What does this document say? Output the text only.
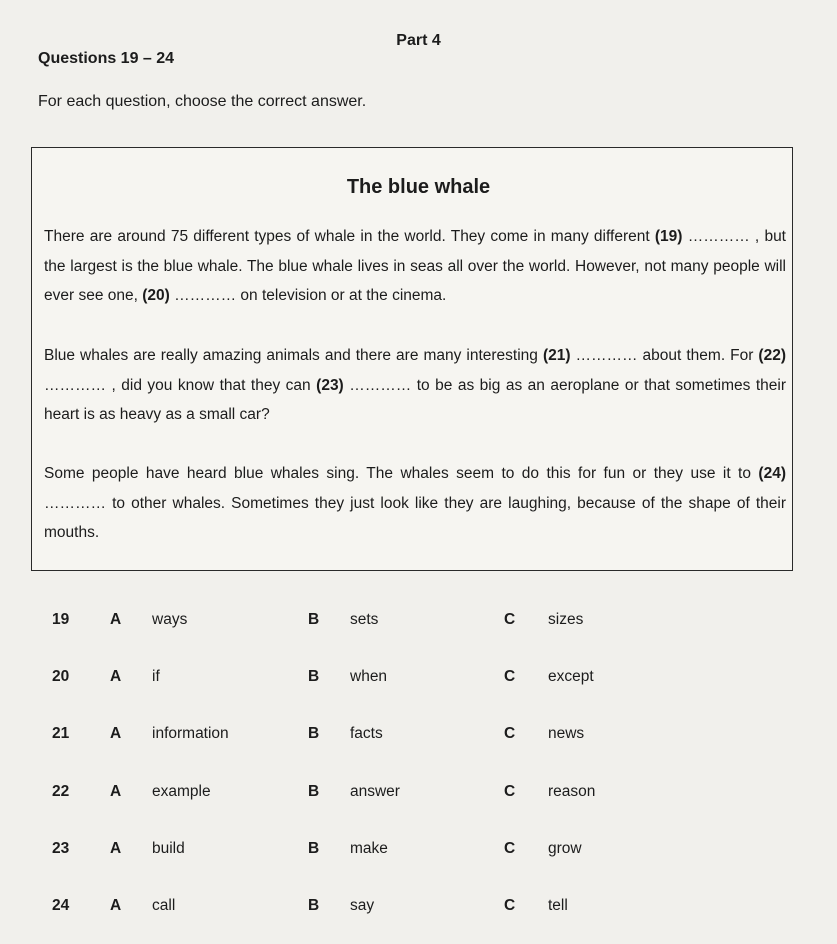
Part 4
Questions 19 – 24
For each question, choose the correct answer.
The blue whale
There are around 75 different types of whale in the world. They come in many different (19) ………… , but the largest is the blue whale. The blue whale lives in seas all over the world. However, not many people will ever see one, (20) ………… on television or at the cinema.
Blue whales are really amazing animals and there are many interesting (21) ………… about them. For (22) ………… , did you know that they can (23) ………… to be as big as an aeroplane or that sometimes their heart is as heavy as a small car?
Some people have heard blue whales sing. The whales seem to do this for fun or they use it to (24) ………… to other whales. Sometimes they just look like they are laughing, because of the shape of their mouths.
19	A ways	B sets	C sizes
20	A if	B when	C except
21	A information	B facts	C news
22	A example	B answer	C reason
23	A build	B make	C grow
24	A call	B say	C tell
